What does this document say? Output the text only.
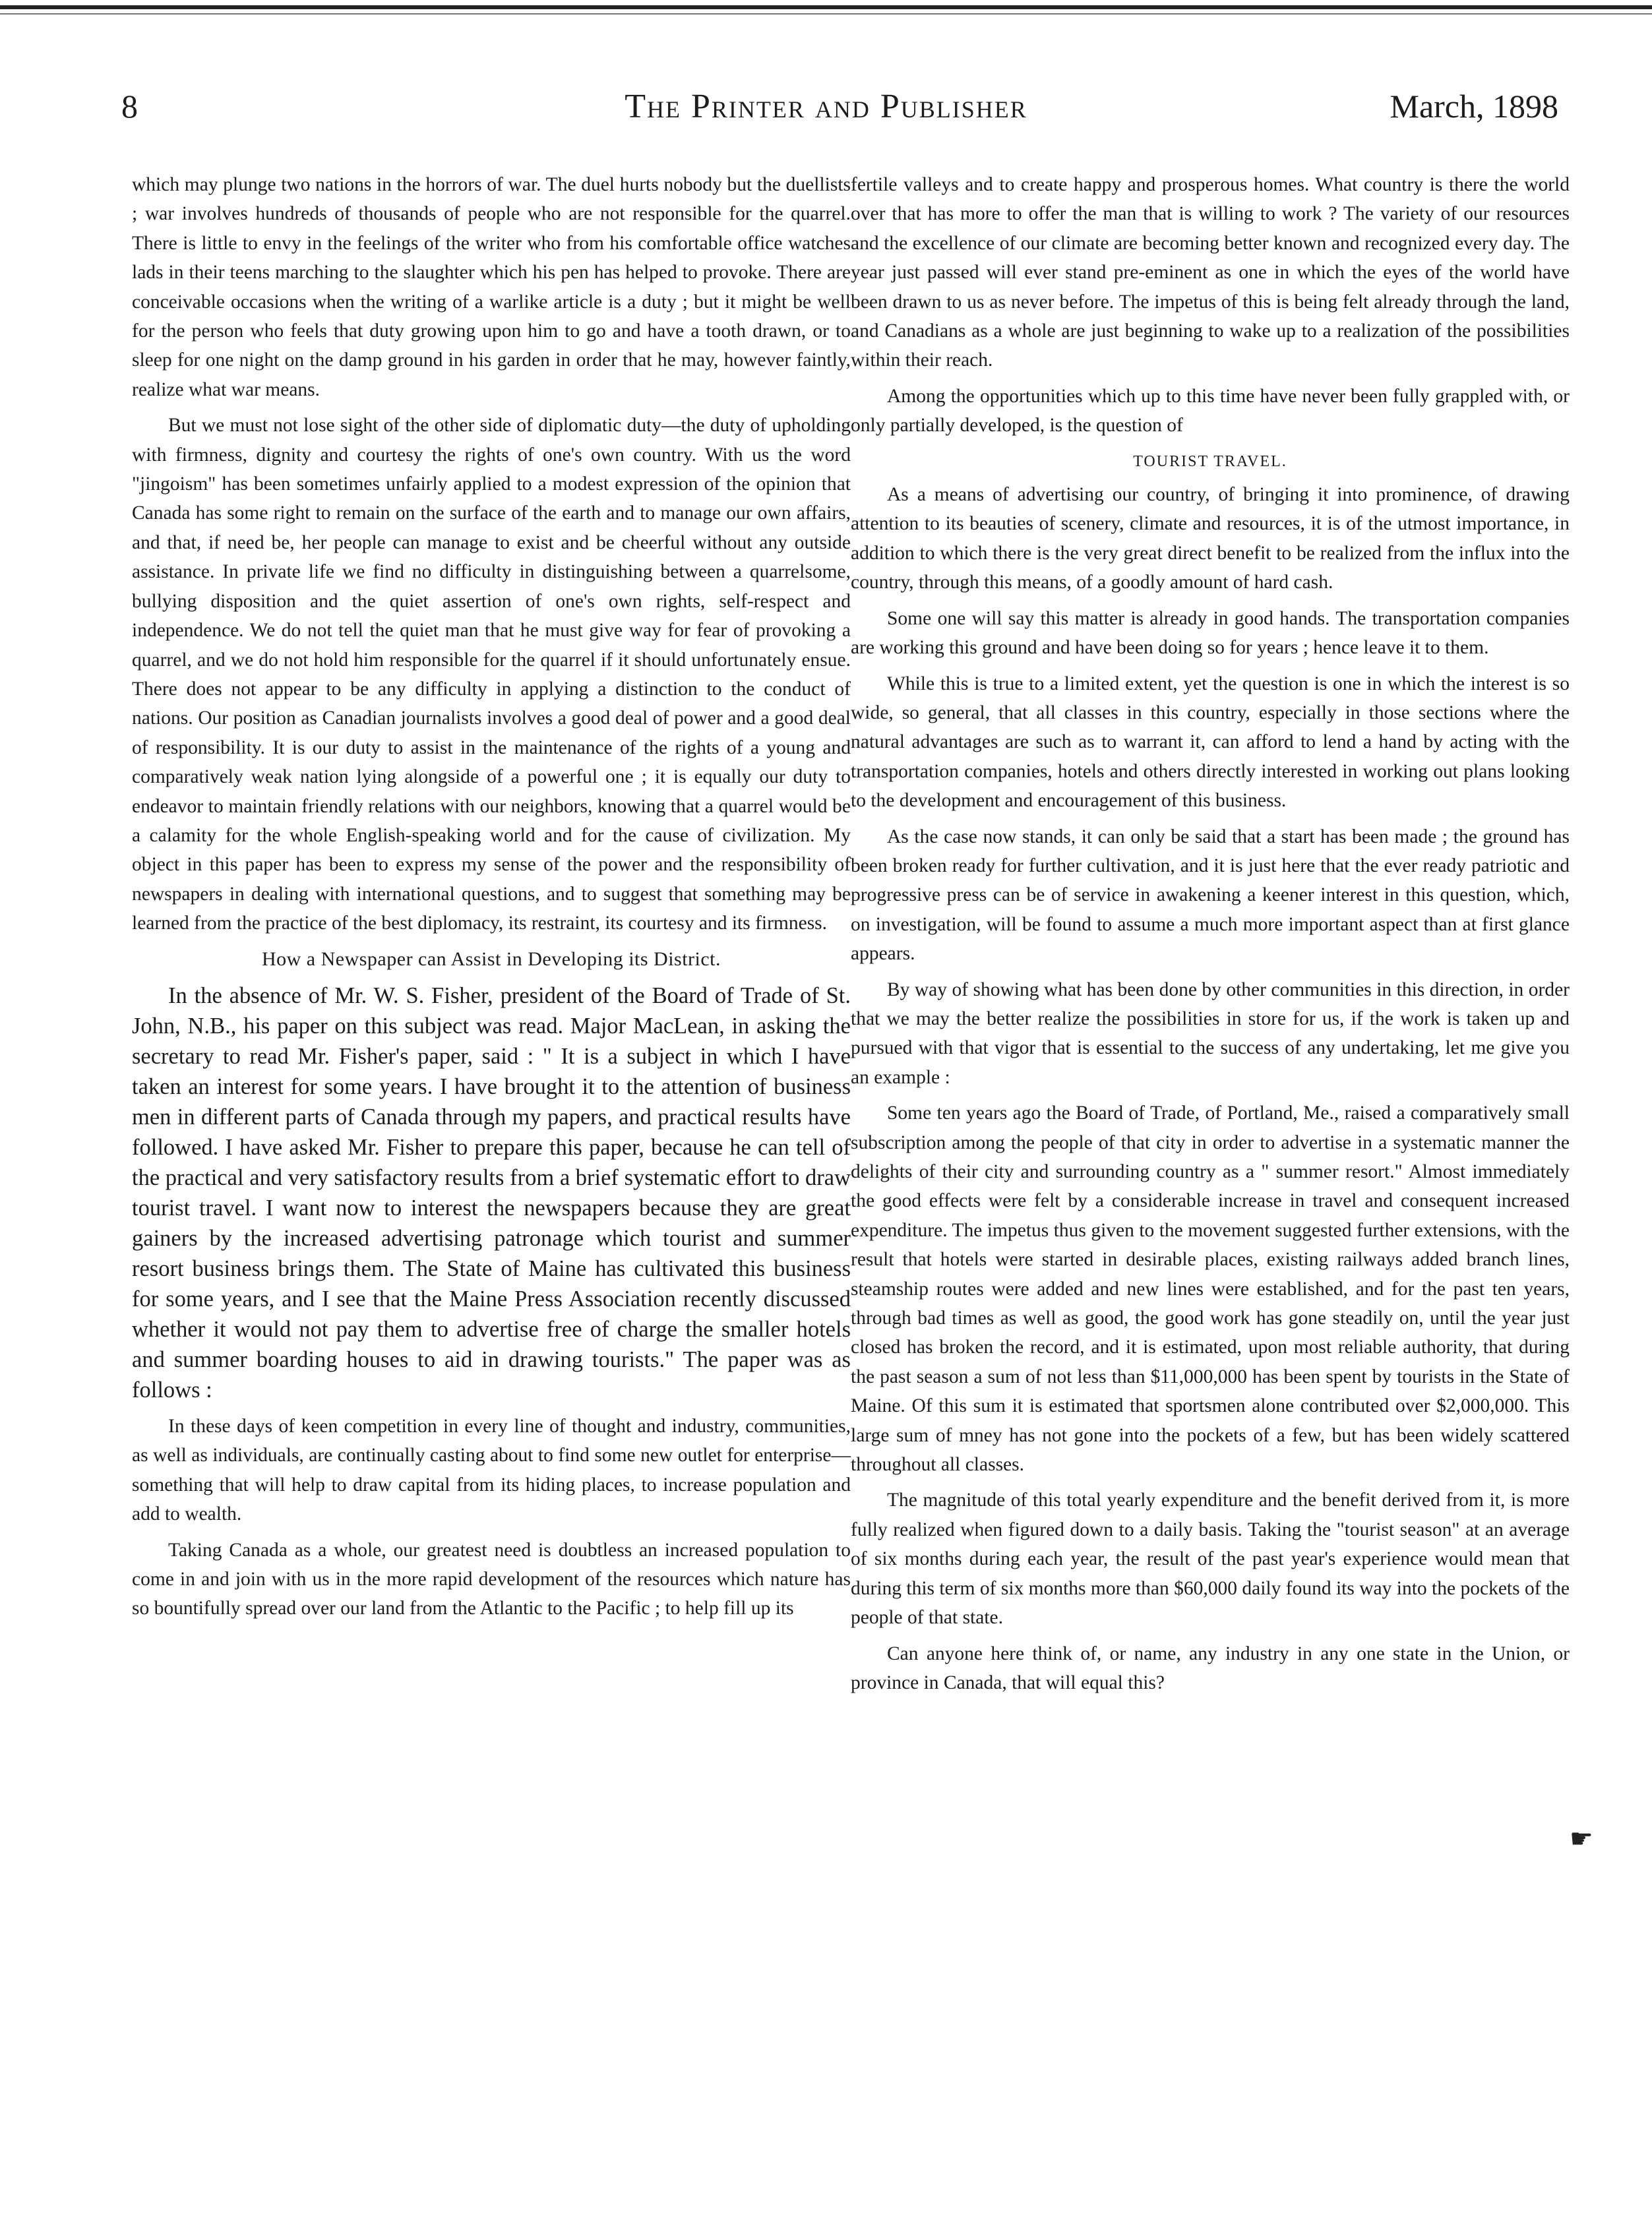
8	The Printer and Publisher	March, 1898

which may plunge two nations in the horrors of war. The duel hurts nobody but the duellists ; war involves hundreds of thousands of people who are not responsible for the quarrel. There is little to envy in the feelings of the writer who from his comfortable office watches lads in their teens marching to the slaughter which his pen has helped to provoke. There are conceivable occasions when the writing of a warlike article is a duty ; but it might be well for the person who feels that duty growing upon him to go and have a tooth drawn, or to sleep for one night on the damp ground in his garden in order that he may, however faintly, realize what war means.

But we must not lose sight of the other side of diplomatic duty—the duty of upholding with firmness, dignity and courtesy the rights of one's own country. With us the word "jingoism" has been sometimes unfairly applied to a modest expression of the opinion that Canada has some right to remain on the surface of the earth and to manage our own affairs, and that, if need be, her people can manage to exist and be cheerful without any outside assistance. In private life we find no difficulty in distinguishing between a quarrelsome, bullying disposition and the quiet assertion of one's own rights, self-respect and independence. We do not tell the quiet man that he must give way for fear of provoking a quarrel, and we do not hold him responsible for the quarrel if it should unfortunately ensue. There does not appear to be any difficulty in applying a distinction to the conduct of nations. Our position as Canadian journalists involves a good deal of power and a good deal of responsibility. It is our duty to assist in the maintenance of the rights of a young and comparatively weak nation lying alongside of a powerful one ; it is equally our duty to endeavor to maintain friendly relations with our neighbors, knowing that a quarrel would be a calamity for the whole English-speaking world and for the cause of civilization. My object in this paper has been to express my sense of the power and the responsibility of newspapers in dealing with international questions, and to suggest that something may be learned from the practice of the best diplomacy, its restraint, its courtesy and its firmness.

How a Newspaper can Assist in Developing its District.

In the absence of Mr. W. S. Fisher, president of the Board of Trade of St. John, N.B., his paper on this subject was read. Major MacLean, in asking the secretary to read Mr. Fisher's paper, said : " It is a subject in which I have taken an interest for some years. I have brought it to the attention of business men in different parts of Canada through my papers, and practical results have followed. I have asked Mr. Fisher to prepare this paper, because he can tell of the practical and very satisfactory results from a brief systematic effort to draw tourist travel. I want now to interest the newspapers because they are great gainers by the increased advertising patronage which tourist and summer resort business brings them. The State of Maine has cultivated this business for some years, and I see that the Maine Press Association recently discussed whether it would not pay them to advertise free of charge the smaller hotels and summer boarding houses to aid in drawing tourists." The paper was as follows :

In these days of keen competition in every line of thought and industry, communities, as well as individuals, are continually casting about to find some new outlet for enterprise—something that will help to draw capital from its hiding places, to increase population and add to wealth.

Taking Canada as a whole, our greatest need is doubtless an increased population to come in and join with us in the more rapid development of the resources which nature has so bountifully spread over our land from the Atlantic to the Pacific ; to help fill up its

fertile valleys and to create happy and prosperous homes. What country is there the world over that has more to offer the man that is willing to work ? The variety of our resources and the excellence of our climate are becoming better known and recognized every day. The year just passed will ever stand pre-eminent as one in which the eyes of the world have been drawn to us as never before. The impetus of this is being felt already through the land, and Canadians as a whole are just beginning to wake up to a realization of the possibilities within their reach.

Among the opportunities which up to this time have never been fully grappled with, or only partially developed, is the question of

TOURIST TRAVEL.

As a means of advertising our country, of bringing it into prominence, of drawing attention to its beauties of scenery, climate and resources, it is of the utmost importance, in addition to which there is the very great direct benefit to be realized from the influx into the country, through this means, of a goodly amount of hard cash.

Some one will say this matter is already in good hands. The transportation companies are working this ground and have been doing so for years ; hence leave it to them.

While this is true to a limited extent, yet the question is one in which the interest is so wide, so general, that all classes in this country, especially in those sections where the natural advantages are such as to warrant it, can afford to lend a hand by acting with the transportation companies, hotels and others directly interested in working out plans looking to the development and encouragement of this business.

As the case now stands, it can only be said that a start has been made ; the ground has been broken ready for further cultivation, and it is just here that the ever ready patriotic and progressive press can be of service in awakening a keener interest in this question, which, on investigation, will be found to assume a much more important aspect than at first glance appears.

By way of showing what has been done by other communities in this direction, in order that we may the better realize the possibilities in store for us, if the work is taken up and pursued with that vigor that is essential to the success of any undertaking, let me give you an example :

Some ten years ago the Board of Trade, of Portland, Me., raised a comparatively small subscription among the people of that city in order to advertise in a systematic manner the delights of their city and surrounding country as a " summer resort." Almost immediately the good effects were felt by a considerable increase in travel and consequent increased expenditure. The impetus thus given to the movement suggested further extensions, with the result that hotels were started in desirable places, existing railways added branch lines, steamship routes were added and new lines were established, and for the past ten years, through bad times as well as good, the good work has gone steadily on, until the year just closed has broken the record, and it is estimated, upon most reliable authority, that during the past season a sum of not less than $11,000,000 has been spent by tourists in the State of Maine. Of this sum it is estimated that sportsmen alone contributed over $2,000,000. This large sum of mney has not gone into the pockets of a few, but has been widely scattered throughout all classes.

The magnitude of this total yearly expenditure and the benefit derived from it, is more fully realized when figured down to a daily basis. Taking the "tourist season" at an average of six months during each year, the result of the past year's experience would mean that during this term of six months more than $60,000 daily found its way into the pockets of the people of that state.

Can anyone here think of, or name, any industry in any one state in the Union, or province in Canada, that will equal this?

☛
